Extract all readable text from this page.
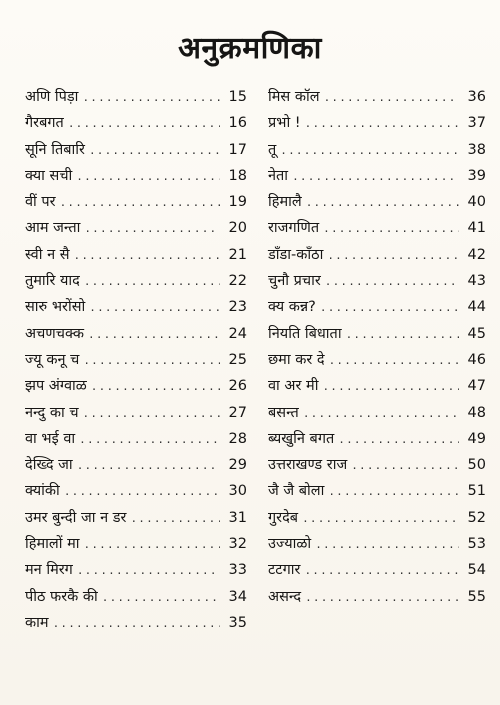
अनुक्रमणिका
अणि पिड़ा .....	15
गैरबगत .....	16
सूनि तिबारि .....	17
क्या सची .....	18
वीं पर .....	19
आम जन्ता .....	20
स्वी न सै .....	21
तुमारि याद .....	22
सारु भरोंसो .....	23
अचणचक्क .....	24
ज्यू कनू च .....	25
झप अंग्वाळ .....	26
नन्दु का च .....	27
वा भई वा .....	28
देख्दि जा .....	29
क्यांकी .....	30
उमर बुन्दी जा न डर .....	31
हिमालों मा .....	32
मन मिरग .....	33
पीठ फरकै की .....	34
काम .....	35
मिस कॉल .....	36
प्रभो ! .....	37
तू .....	38
नेता .....	39
हिमालै .....	40
राजगणित .....	41
डाँडा-काँठा .....	42
चुनौ प्रचार .....	43
क्य कन्न? .....	44
नियति बिधाता .....	45
छमा कर दे .....	46
वा अर मी .....	47
बसन्त .....	48
ब्यखुनि बगत .....	49
उत्तराखण्ड राज .....	50
जै जै बोला .....	51
गुरदेब .....	52
उज्याळो .....	53
टटगार .....	54
असन्द .....	55
